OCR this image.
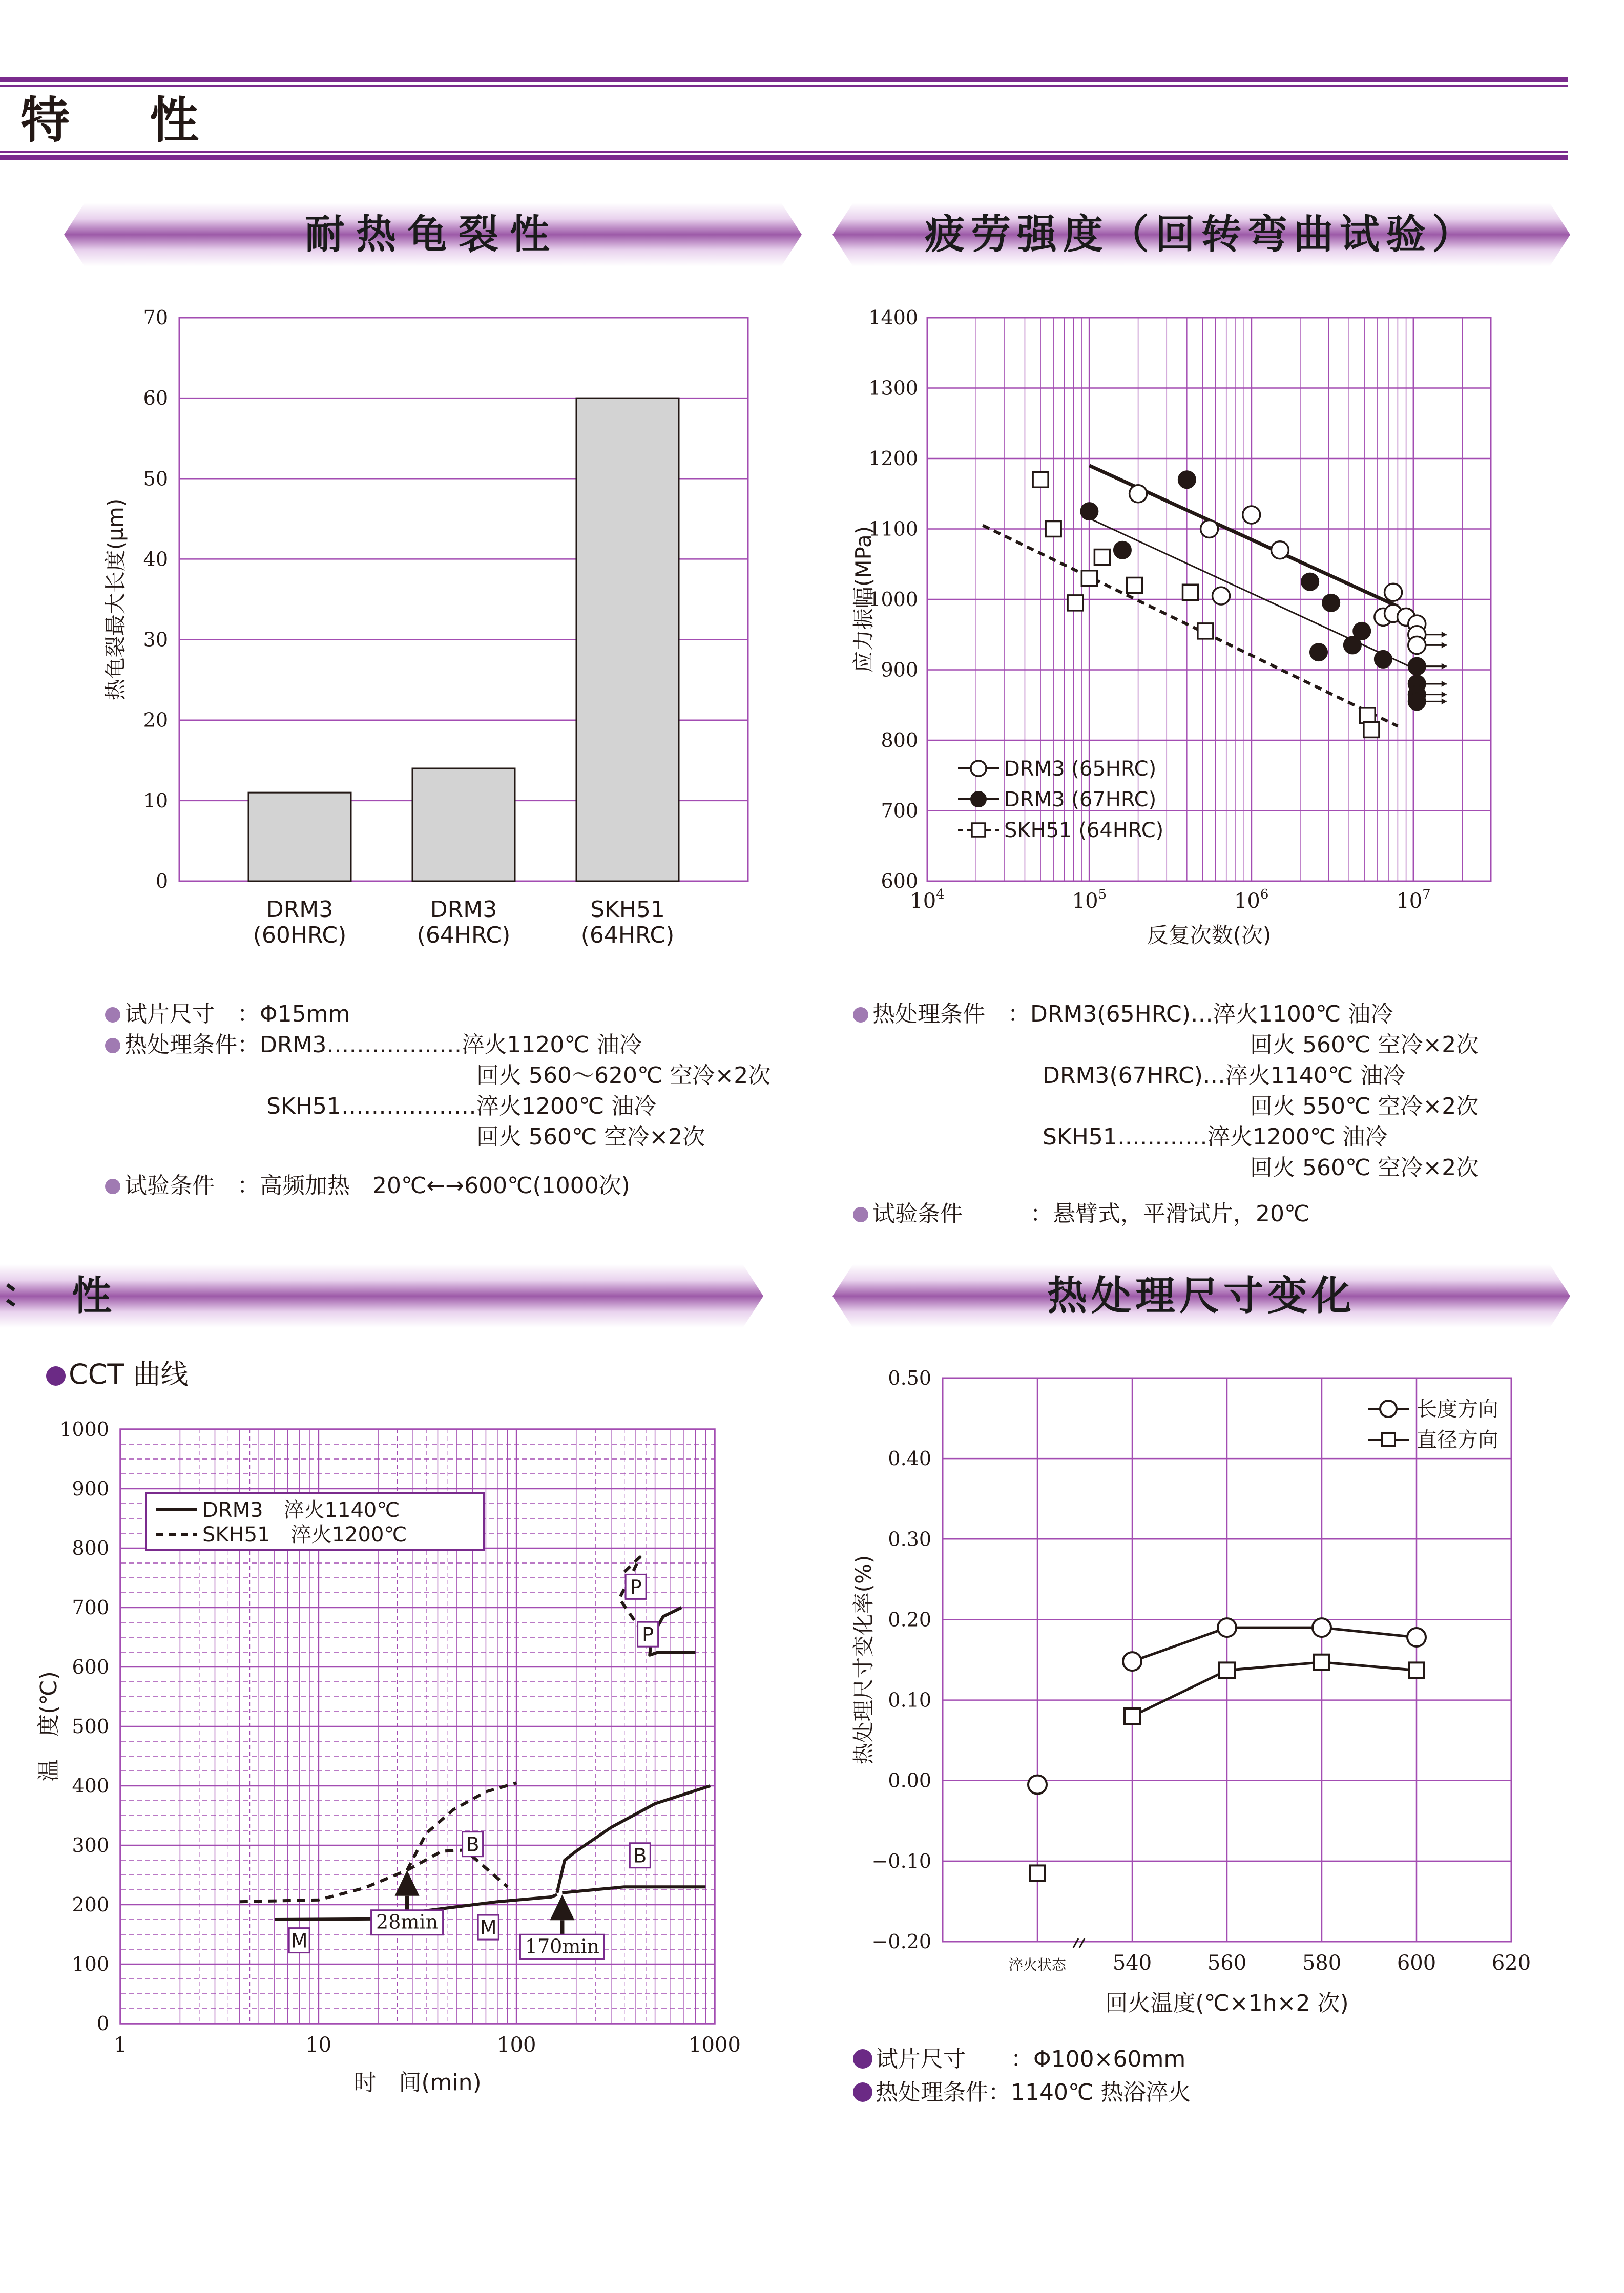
特　性
耐热龟裂性	疲劳强度（回转弯曲试验）
性	热处理尺寸变化
0
10
20
30
40
50
60
70
DRM3
(60HRC)
DRM3
(64HRC)
SKH51
(64HRC)
热龟裂最大长度(μm)
600
700
800
900
1000
1100
1200
1300
1400
$10^4$	$10^5$	$10^6$	$10^7$
DRM3 (65HRC)
DRM3 (67HRC)
SKH51 (64HRC)
反复次数(次)
应力振幅(MPa)
CCT 曲线
0
100
200
300
400
500
600
700
800
900
1000
1	10	100	1000
P
P
B
B
M
M
28min
170min
DRM3　淬火1140℃
SKH51　淬火1200℃
时　间(min)
温　度(℃)
−0.20
−0.10
0.00
0.10
0.20
0.30
0.40
0.50
淬火状态 540	560	580	600	620
长度方向
直径方向
回火温度(℃×1h×2 次)
热处理尺寸变化率(%)
试片尺寸　 ：Φ15mm
热处理条件：DRM3………………淬火1120℃ 油冷
回火 560～620℃ 空冷×2次
SKH51………………淬火1200℃ 油冷
回火 560℃ 空冷×2次
试验条件　 ：高频加热　20℃←→600℃(1000次)
热处理条件　 ：DRM3(65HRC)…淬火1100℃ 油冷
回火 560℃ 空冷×2次
DRM3(67HRC)…淬火1140℃ 油冷
回火 550℃ 空冷×2次
SKH51…………淬火1200℃ 油冷
回火 560℃ 空冷×2次
试验条件　　　	：悬臂式，平滑试片，20℃
试片尺寸　　 ：Φ100×60mm
热处理条件：1140℃ 热浴淬火
